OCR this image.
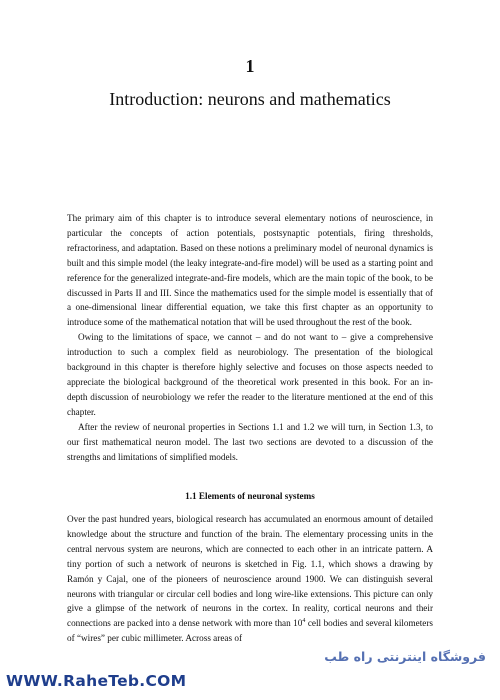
1
Introduction: neurons and mathematics

The primary aim of this chapter is to introduce several elementary notions of neuroscience, in particular the concepts of action potentials, postsynaptic potentials, firing thresholds, refractoriness, and adaptation. Based on these notions a preliminary model of neuronal dynamics is built and this simple model (the leaky integrate-and-fire model) will be used as a starting point and reference for the generalized integrate-and-fire models, which are the main topic of the book, to be discussed in Parts II and III. Since the mathematics used for the simple model is essentially that of a one-dimensional linear differential equation, we take this first chapter as an opportunity to introduce some of the mathematical notation that will be used throughout the rest of the book.

Owing to the limitations of space, we cannot – and do not want to – give a comprehensive introduction to such a complex field as neurobiology. The presentation of the biological background in this chapter is therefore highly selective and focuses on those aspects needed to appreciate the biological background of the theoretical work presented in this book. For an in-depth discussion of neurobiology we refer the reader to the literature mentioned at the end of this chapter.

After the review of neuronal properties in Sections 1.1 and 1.2 we will turn, in Section 1.3, to our first mathematical neuron model. The last two sections are devoted to a discussion of the strengths and limitations of simplified models.

1.1 Elements of neuronal systems

Over the past hundred years, biological research has accumulated an enormous amount of detailed knowledge about the structure and function of the brain. The elementary processing units in the central nervous system are neurons, which are connected to each other in an intricate pattern. A tiny portion of such a network of neurons is sketched in Fig. 1.1, which shows a drawing by Ramón y Cajal, one of the pioneers of neuroscience around 1900. We can distinguish several neurons with triangular or circular cell bodies and long wire-like extensions. This picture can only give a glimpse of the network of neurons in the cortex. In reality, cortical neurons and their connections are packed into a dense network with more than $10^4$ cell bodies and several kilometers of “wires” per cubic millimeter. Across areas of

فروشگاه اینترنتی راه طب
WWW.RaheTeb.COM
